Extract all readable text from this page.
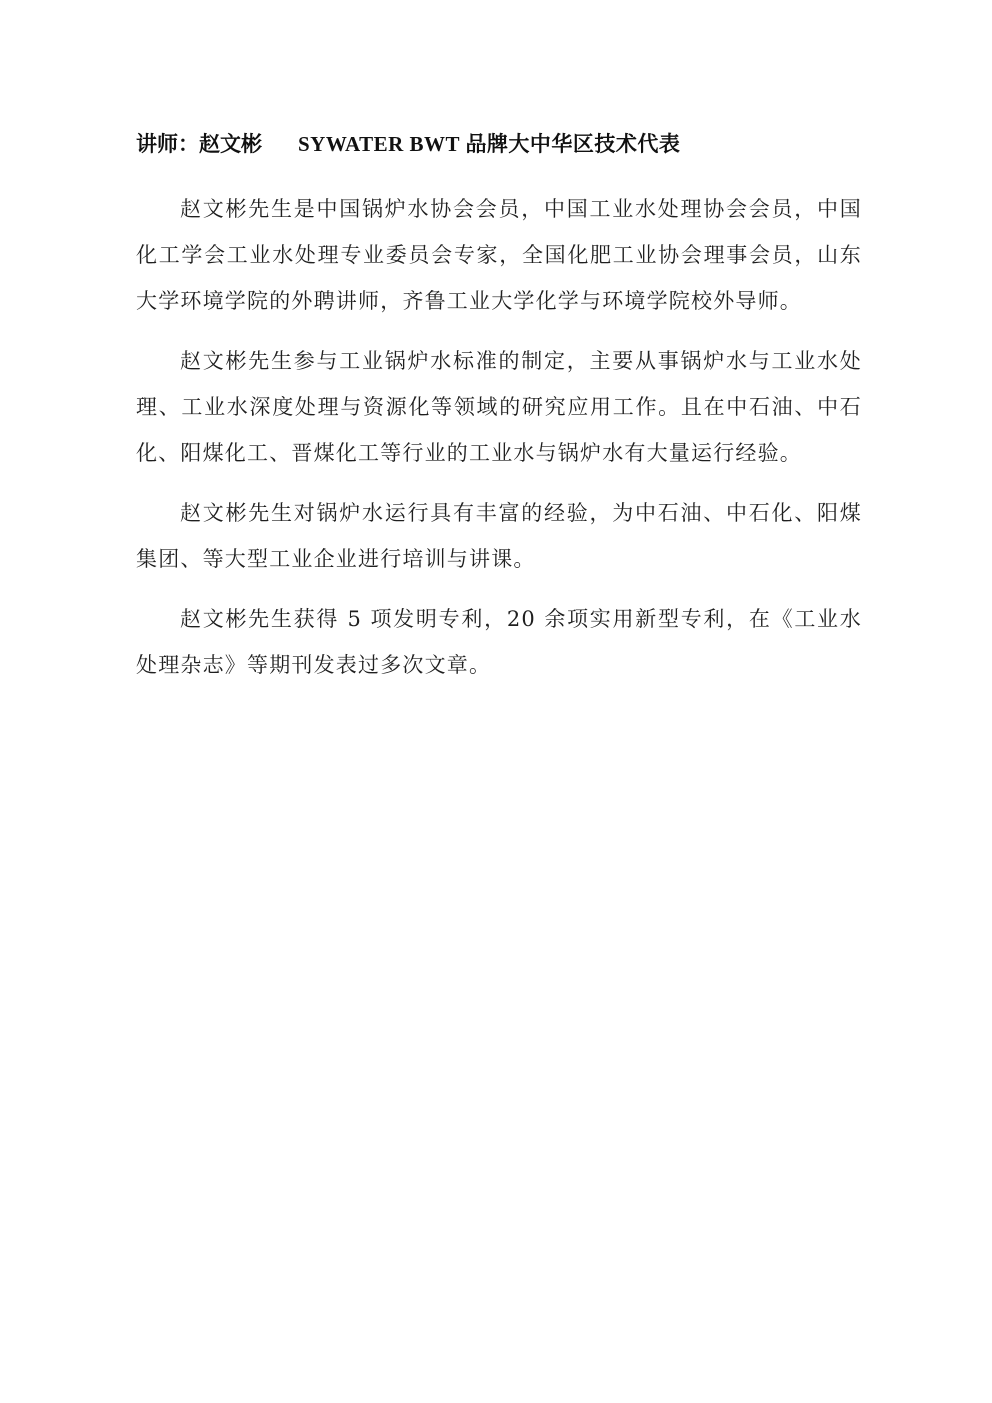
讲师：赵文彬 SYWATER BWT 品牌大中华区技术代表

赵文彬先生是中国锅炉水协会会员，中国工业水处理协会会员，中国化工学会工业水处理专业委员会专家，全国化肥工业协会理事会员，山东大学环境学院的外聘讲师，齐鲁工业大学化学与环境学院校外导师。

赵文彬先生参与工业锅炉水标准的制定，主要从事锅炉水与工业水处理、工业水深度处理与资源化等领域的研究应用工作。且在中石油、中石化、阳煤化工、晋煤化工等行业的工业水与锅炉水有大量运行经验。

赵文彬先生对锅炉水运行具有丰富的经验，为中石油、中石化、阳煤集团、等大型工业企业进行培训与讲课。

赵文彬先生获得 5 项发明专利，20 余项实用新型专利，在《工业水处理杂志》等期刊发表过多次文章。
